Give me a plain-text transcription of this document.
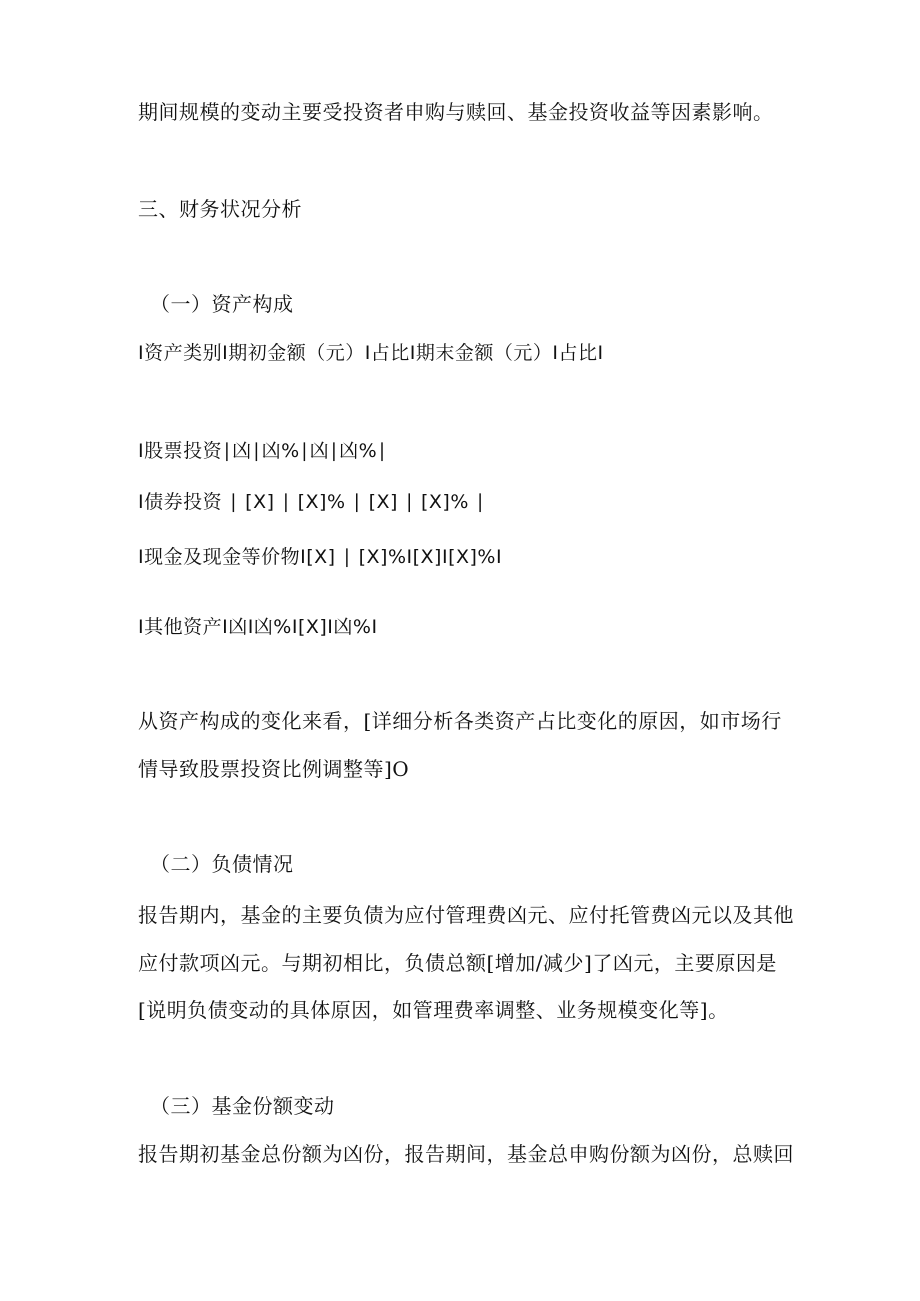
期间规模的变动主要受投资者申购与赎回、基金投资收益等因素影响。
三、财务状况分析
（一）资产构成
I资产类别I期初金额（元）I占比I期末金额（元）I占比I
I股票投资∣凶∣凶%∣凶∣凶%∣
I债券投资 ∣ [X] ∣ [X]% ∣ [X] ∣ [X]% ∣
I现金及现金等价物I[X] ∣ [X]%I[X]I[X]%I
I其他资产I凶I凶%I[X]I凶%I
从资产构成的变化来看，[详细分析各类资产占比变化的原因，如市场行
情导致股票投资比例调整等]O
（二）负债情况
报告期内，基金的主要负债为应付管理费凶元、应付托管费凶元以及其他
应付款项凶元。与期初相比，负债总额[增加/减少]了凶元，主要原因是
[说明负债变动的具体原因，如管理费率调整、业务规模变化等]。
（三）基金份额变动
报告期初基金总份额为凶份，报告期间，基金总申购份额为凶份，总赎回
